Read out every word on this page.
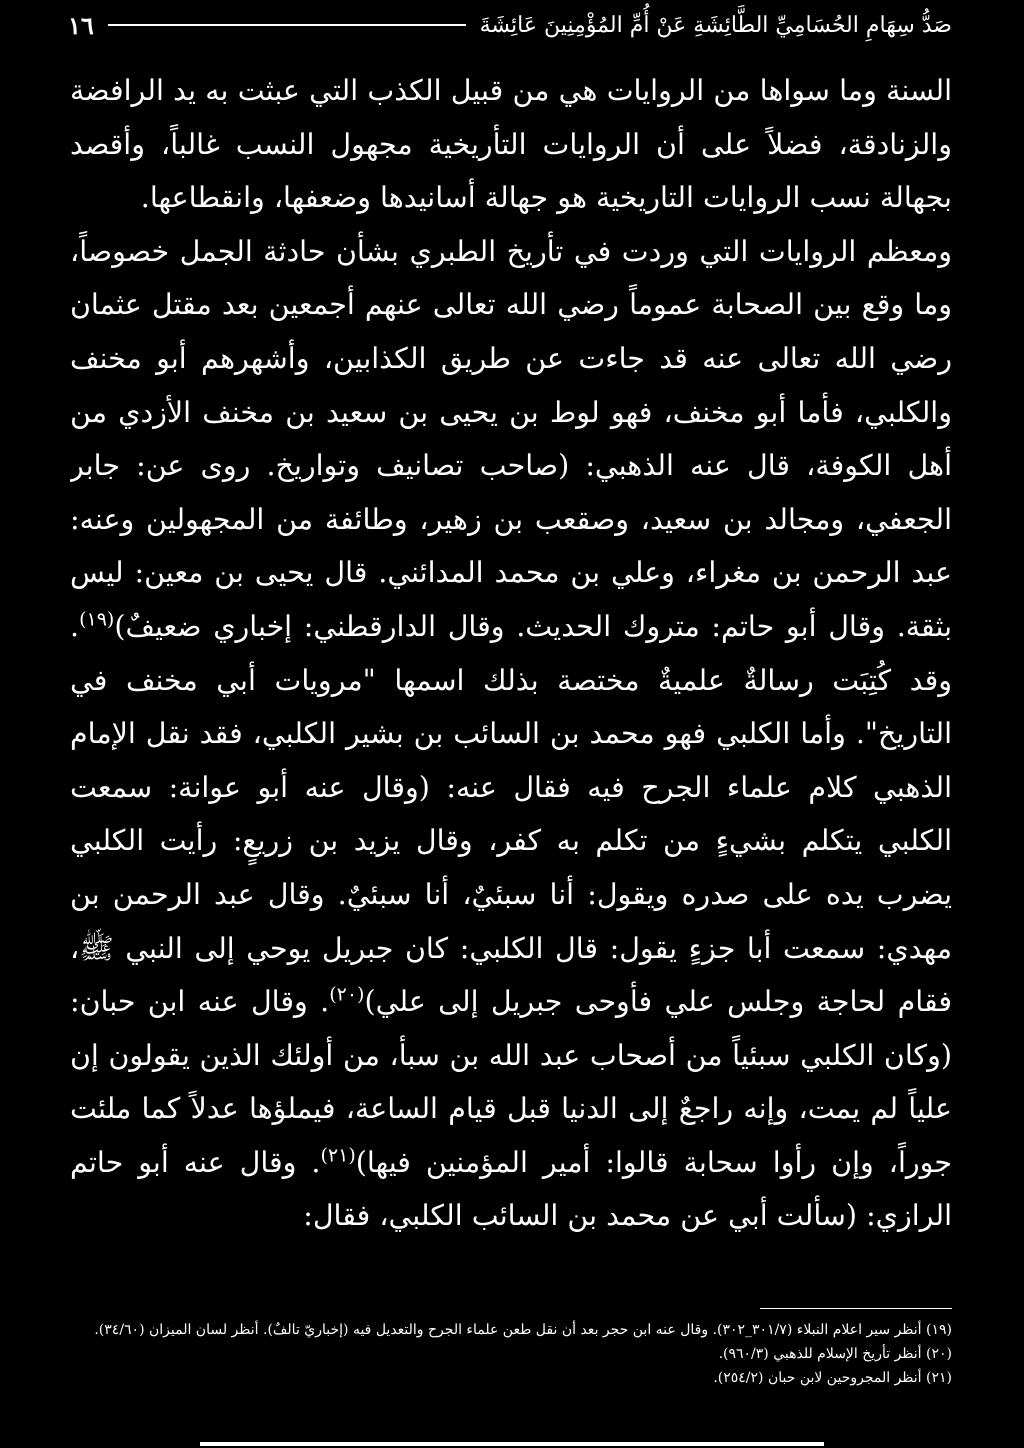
صَدُّ سِهَامِ الحُسَامِيِّ الطَّائِشَةِ عَنْ أُمِّ المُؤْمِنِينَ عَائِشَةَ
١٦

السنة وما سواها من الروايات هي من قبيل الكذب التي عبثت به يد الرافضة والزنادقة، فضلاً على أن الروايات التأريخية مجهول النسب غالباً، وأقصد بجهالة نسب الروايات التاريخية هو جهالة أسانيدها وضعفها، وانقطاعها.

ومعظم الروايات التي وردت في تأريخ الطبري بشأن حادثة الجمل خصوصاً، وما وقع بين الصحابة عموماً رضي الله تعالى عنهم أجمعين بعد مقتل عثمان رضي الله تعالى عنه قد جاءت عن طريق الكذابين، وأشهرهم أبو مخنف والكلبي، فأما أبو مخنف، فهو لوط بن يحيى بن سعيد بن مخنف الأزدي من أهل الكوفة، قال عنه الذهبي: (صاحب تصانيف وتواريخ. روى عن: جابر الجعفي، ومجالد بن سعيد، وصقعب بن زهير، وطائفة من المجهولين وعنه: عبد الرحمن بن مغراء، وعلي بن محمد المدائني. قال يحيى بن معين: ليس بثقة. وقال أبو حاتم: متروك الحديث. وقال الدارقطني: إخباري ضعيفٌ)$^{(١٩)}$. وقد كُتِبَت رسالةٌ علميةٌ مختصة بذلك اسمها "مرويات أبي مخنف في التاريخ". وأما الكلبي فهو محمد بن السائب بن بشير الكلبي، فقد نقل الإمام الذهبي كلام علماء الجرح فيه فقال عنه: (وقال عنه أبو عوانة: سمعت الكلبي يتكلم بشيءٍ من تكلم به كفر، وقال يزيد بن زريعٍ: رأيت الكلبي يضرب يده على صدره ويقول: أنا سبئيٌ، أنا سبئيٌ. وقال عبد الرحمن بن مهدي: سمعت أبا جزءٍ يقول: قال الكلبي: كان جبريل يوحي إلى النبي ﷺ، فقام لحاجة وجلس علي فأوحى جبريل إلى علي)$^{(٢٠)}$. وقال عنه ابن حبان: (وكان الكلبي سبئياً من أصحاب عبد الله بن سبأ، من أولئك الذين يقولون إن علياً لم يمت، وإنه راجعٌ إلى الدنيا قبل قيام الساعة، فيملؤها عدلاً كما ملئت جوراً، وإن رأوا سحابة قالوا: أمير المؤمنين فيها)$^{(٢١)}$. وقال عنه أبو حاتم الرازي: (سألت أبي عن محمد بن السائب الكلبي، فقال:

(١٩) أنظر سير اعلام النبلاء (٣٠١/٧_٣٠٢). وقال عنه ابن حجر بعد أن نقل طعن علماء الجرح والتعديل فيه (إخباريّ تالفٌ). أنظر لسان الميزان (٣٤/٦٠).
(٢٠) أنظر تأريخ الإسلام للذهبي (٩٦٠/٣).
(٢١) أنظر المجروحين لابن حبان (٢٥٤/٢).
